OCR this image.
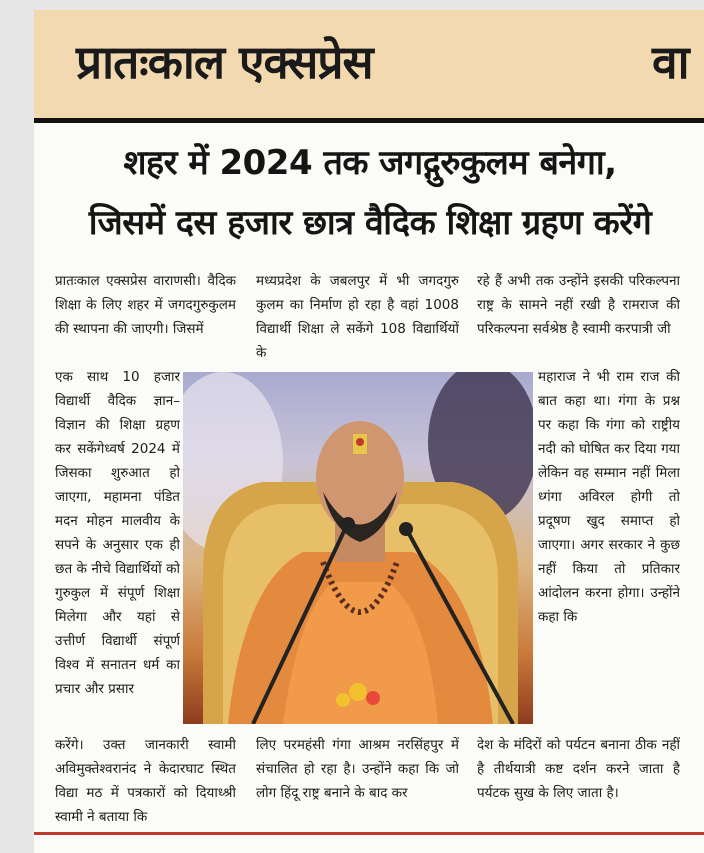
प्रातःकाल एक्सप्रेस	वा
शहर में 2024 तक जगद्गुरुकुलम बनेगा,
जिसमें दस हजार छात्र वैदिक शिक्षा ग्रहण करेंगे
प्रातःकाल एक्सप्रेस वाराणसी। वैदिक शिक्षा के लिए शहर में जगदगुरुकुलम की स्थापना की जाएगी। जिसमें
एक साथ 10 हजार विद्यार्थी वैदिक ज्ञान–विज्ञान की शिक्षा ग्रहण कर सकेंगेध्वर्ष 2024 में जिसका शुरुआत हो जाएगा, महामना पंडित मदन मोहन मालवीय के सपने के अनुसार एक ही छत के नीचे विद्यार्थियों को गुरुकुल में संपूर्ण शिक्षा मिलेगा और यहां से उत्तीर्ण विद्यार्थी संपूर्ण विश्व में सनातन धर्म का प्रचार और प्रसार
करेंगे। उक्त जानकारी स्वामी अविमुक्तेश्वरानंद ने केदारघाट स्थित विद्या मठ में पत्रकारों को दियाध्श्री स्वामी ने बताया कि
मध्यप्रदेश के जबलपुर में भी जगदगुरु कुलम का निर्माण हो रहा है वहां 1008 विद्यार्थी शिक्षा ले सकेंगे 108 विद्यार्थियों के
लिए परमहंसी गंगा आश्रम नरसिंहपुर में संचालित हो रहा है। उन्होंने कहा कि जो लोग हिंदू राष्ट्र बनाने के बाद कर
रहे हैं अभी तक उन्होंने इसकी परिकल्पना राष्ट्र के सामने नहीं रखी है रामराज की परिकल्पना सर्वश्रेष्ठ है स्वामी करपात्री जी
महाराज ने भी राम राज की बात कहा था। गंगा के प्रश्न पर कहा कि गंगा को राष्ट्रीय नदी को घोषित कर दिया गया लेकिन वह सम्मान नहीं मिला ध्गंगा अविरल होगी तो प्रदूषण खुद समाप्त हो जाएगा। अगर सरकार ने कुछ नहीं किया तो प्रतिकार आंदोलन करना होगा। उन्होंने कहा कि
देश के मंदिरों को पर्यटन बनाना ठीक नहीं है तीर्थयात्री कष्ट दर्शन करने जाता है पर्यटक सुख के लिए जाता है।
